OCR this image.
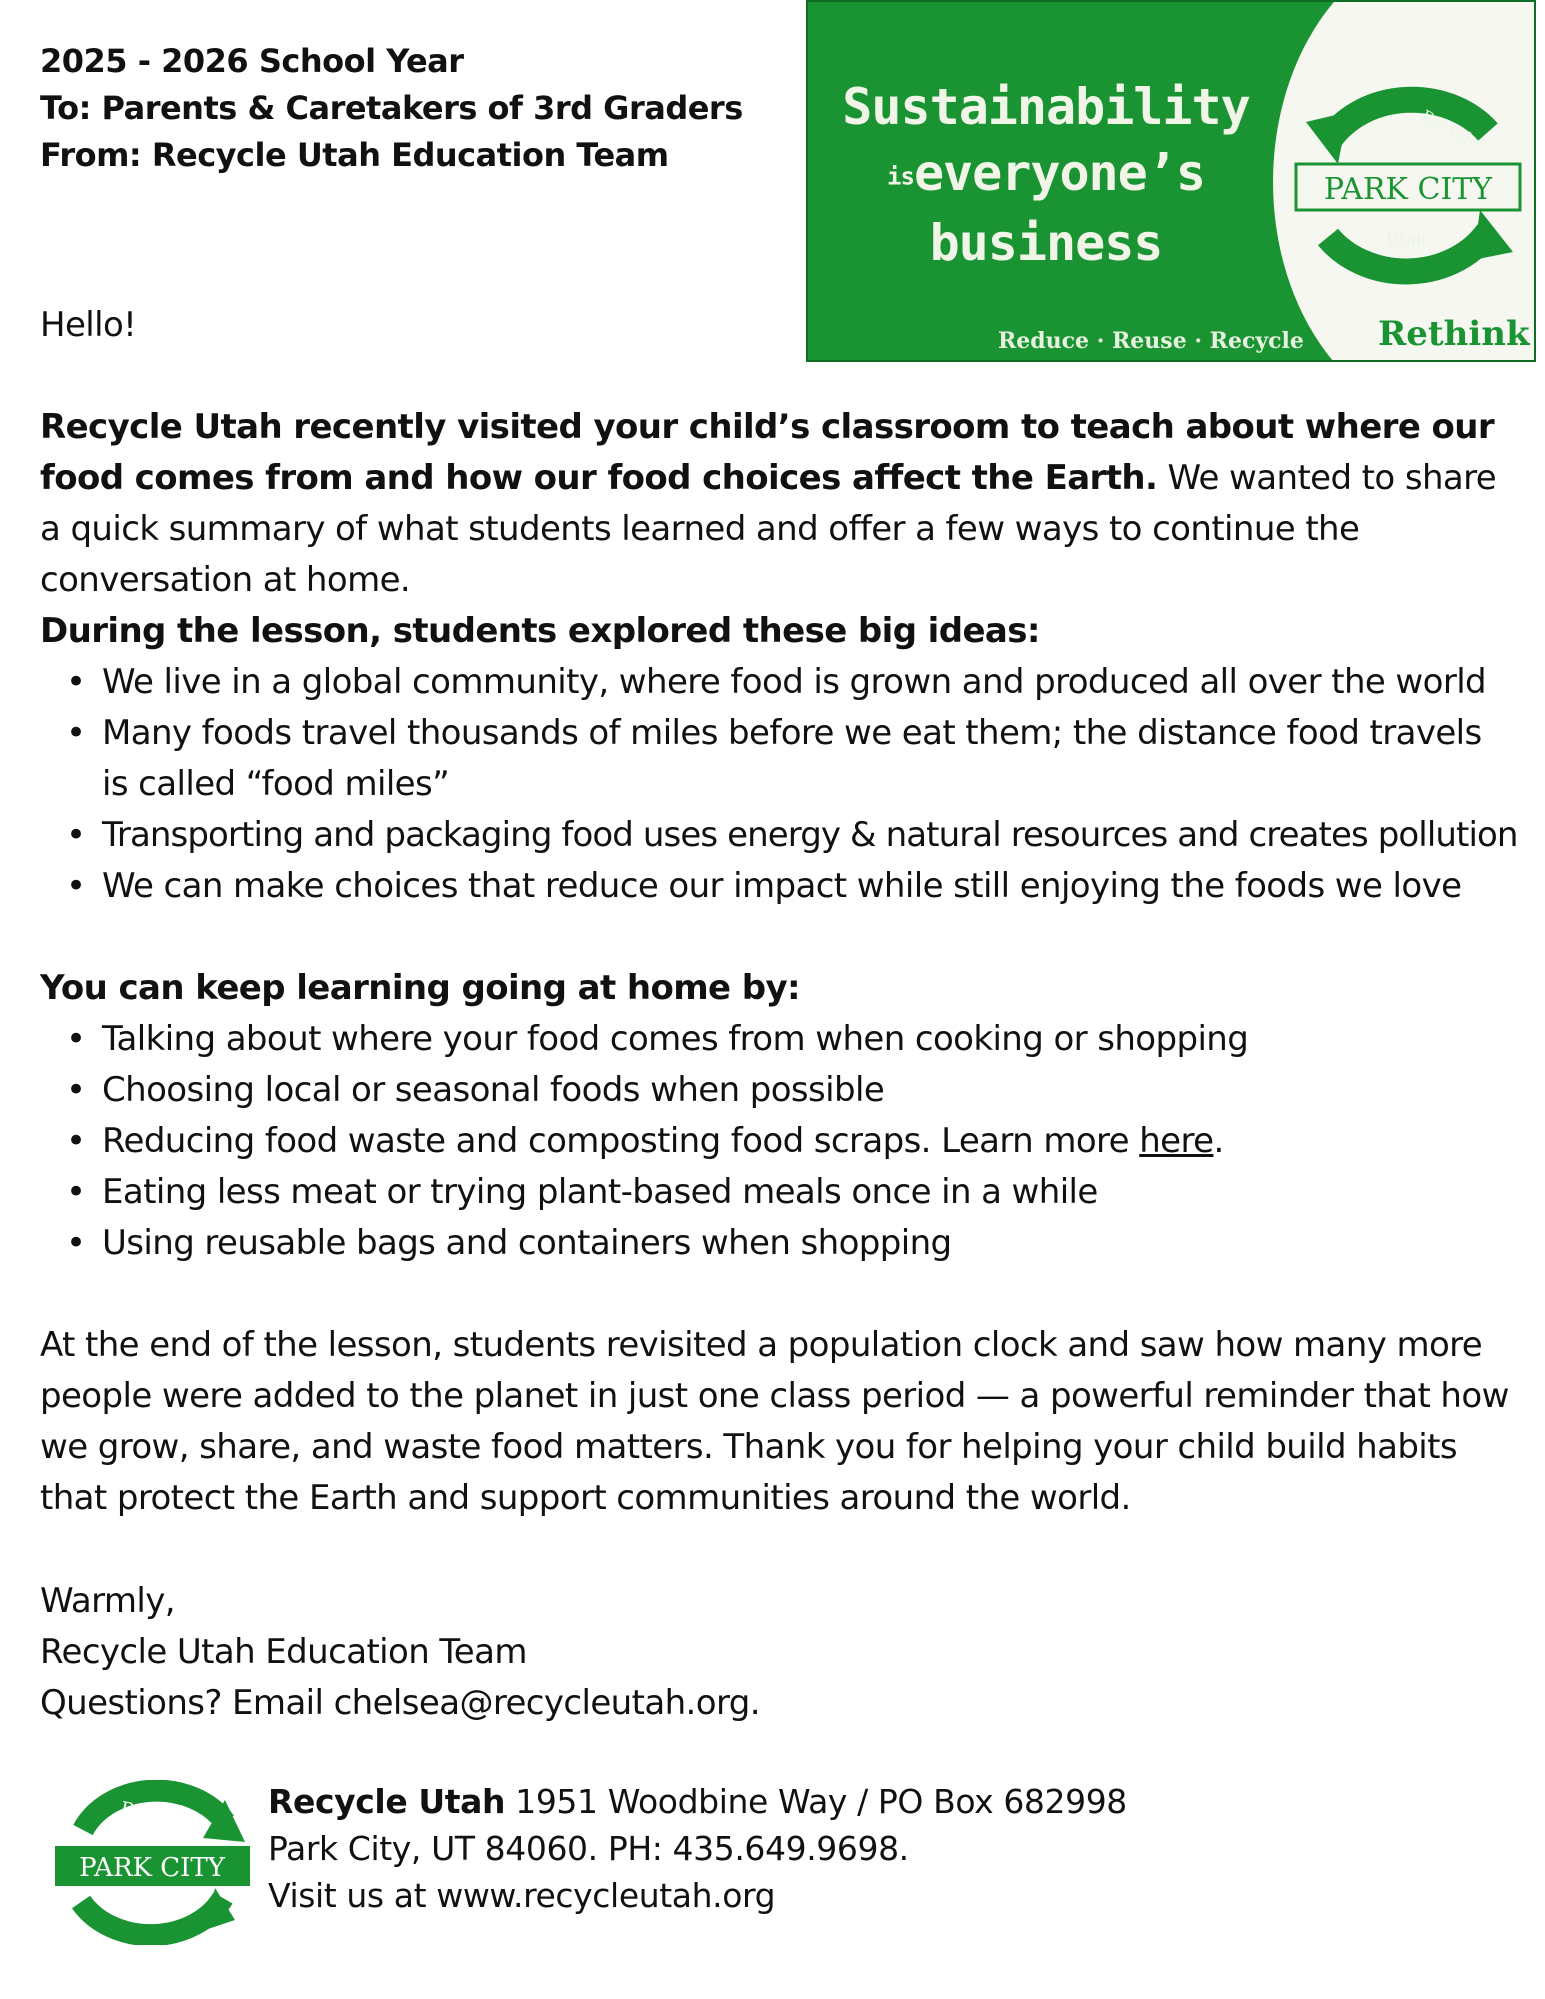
2025 - 2026 School Year
To: Parents & Caretakers of 3rd Graders
From: Recycle Utah Education Team
Sustainability
iseveryone’s
business
PARK CITY
Recycle
Utah
Reduce · Reuse · Recycle Rethink

Hello!

Recycle Utah recently visited your child’s classroom to teach about where our food comes from and how our food choices affect the Earth. We wanted to share a quick summary of what students learned and offer a few ways to continue the conversation at home.

During the lesson, students explored these big ideas:

• We live in a global community, where food is grown and produced all over the world
• Many foods travel thousands of miles before we eat them; the distance food travels is called “food miles”
• Transporting and packaging food uses energy & natural resources and creates pollution
• We can make choices that reduce our impact while still enjoying the foods we love

You can keep learning going at home by:

• Talking about where your food comes from when cooking or shopping
• Choosing local or seasonal foods when possible
• Reducing food waste and composting food scraps. Learn more here.
• Eating less meat or trying plant-based meals once in a while
• Using reusable bags and containers when shopping

At the end of the lesson, students revisited a population clock and saw how many more people were added to the planet in just one class period — a powerful reminder that how we grow, share, and waste food matters. Thank you for helping your child build habits that protect the Earth and support communities around the world.

Warmly,

Recycle Utah Education Team

Questions? Email chelsea@recycleutah.org.

PARK CITY
Recycle
Utah
Recycle Utah 1951 Woodbine Way / PO Box 682998
Park City, UT 84060. PH: 435.649.9698.
Visit us at www.recycleutah.org
